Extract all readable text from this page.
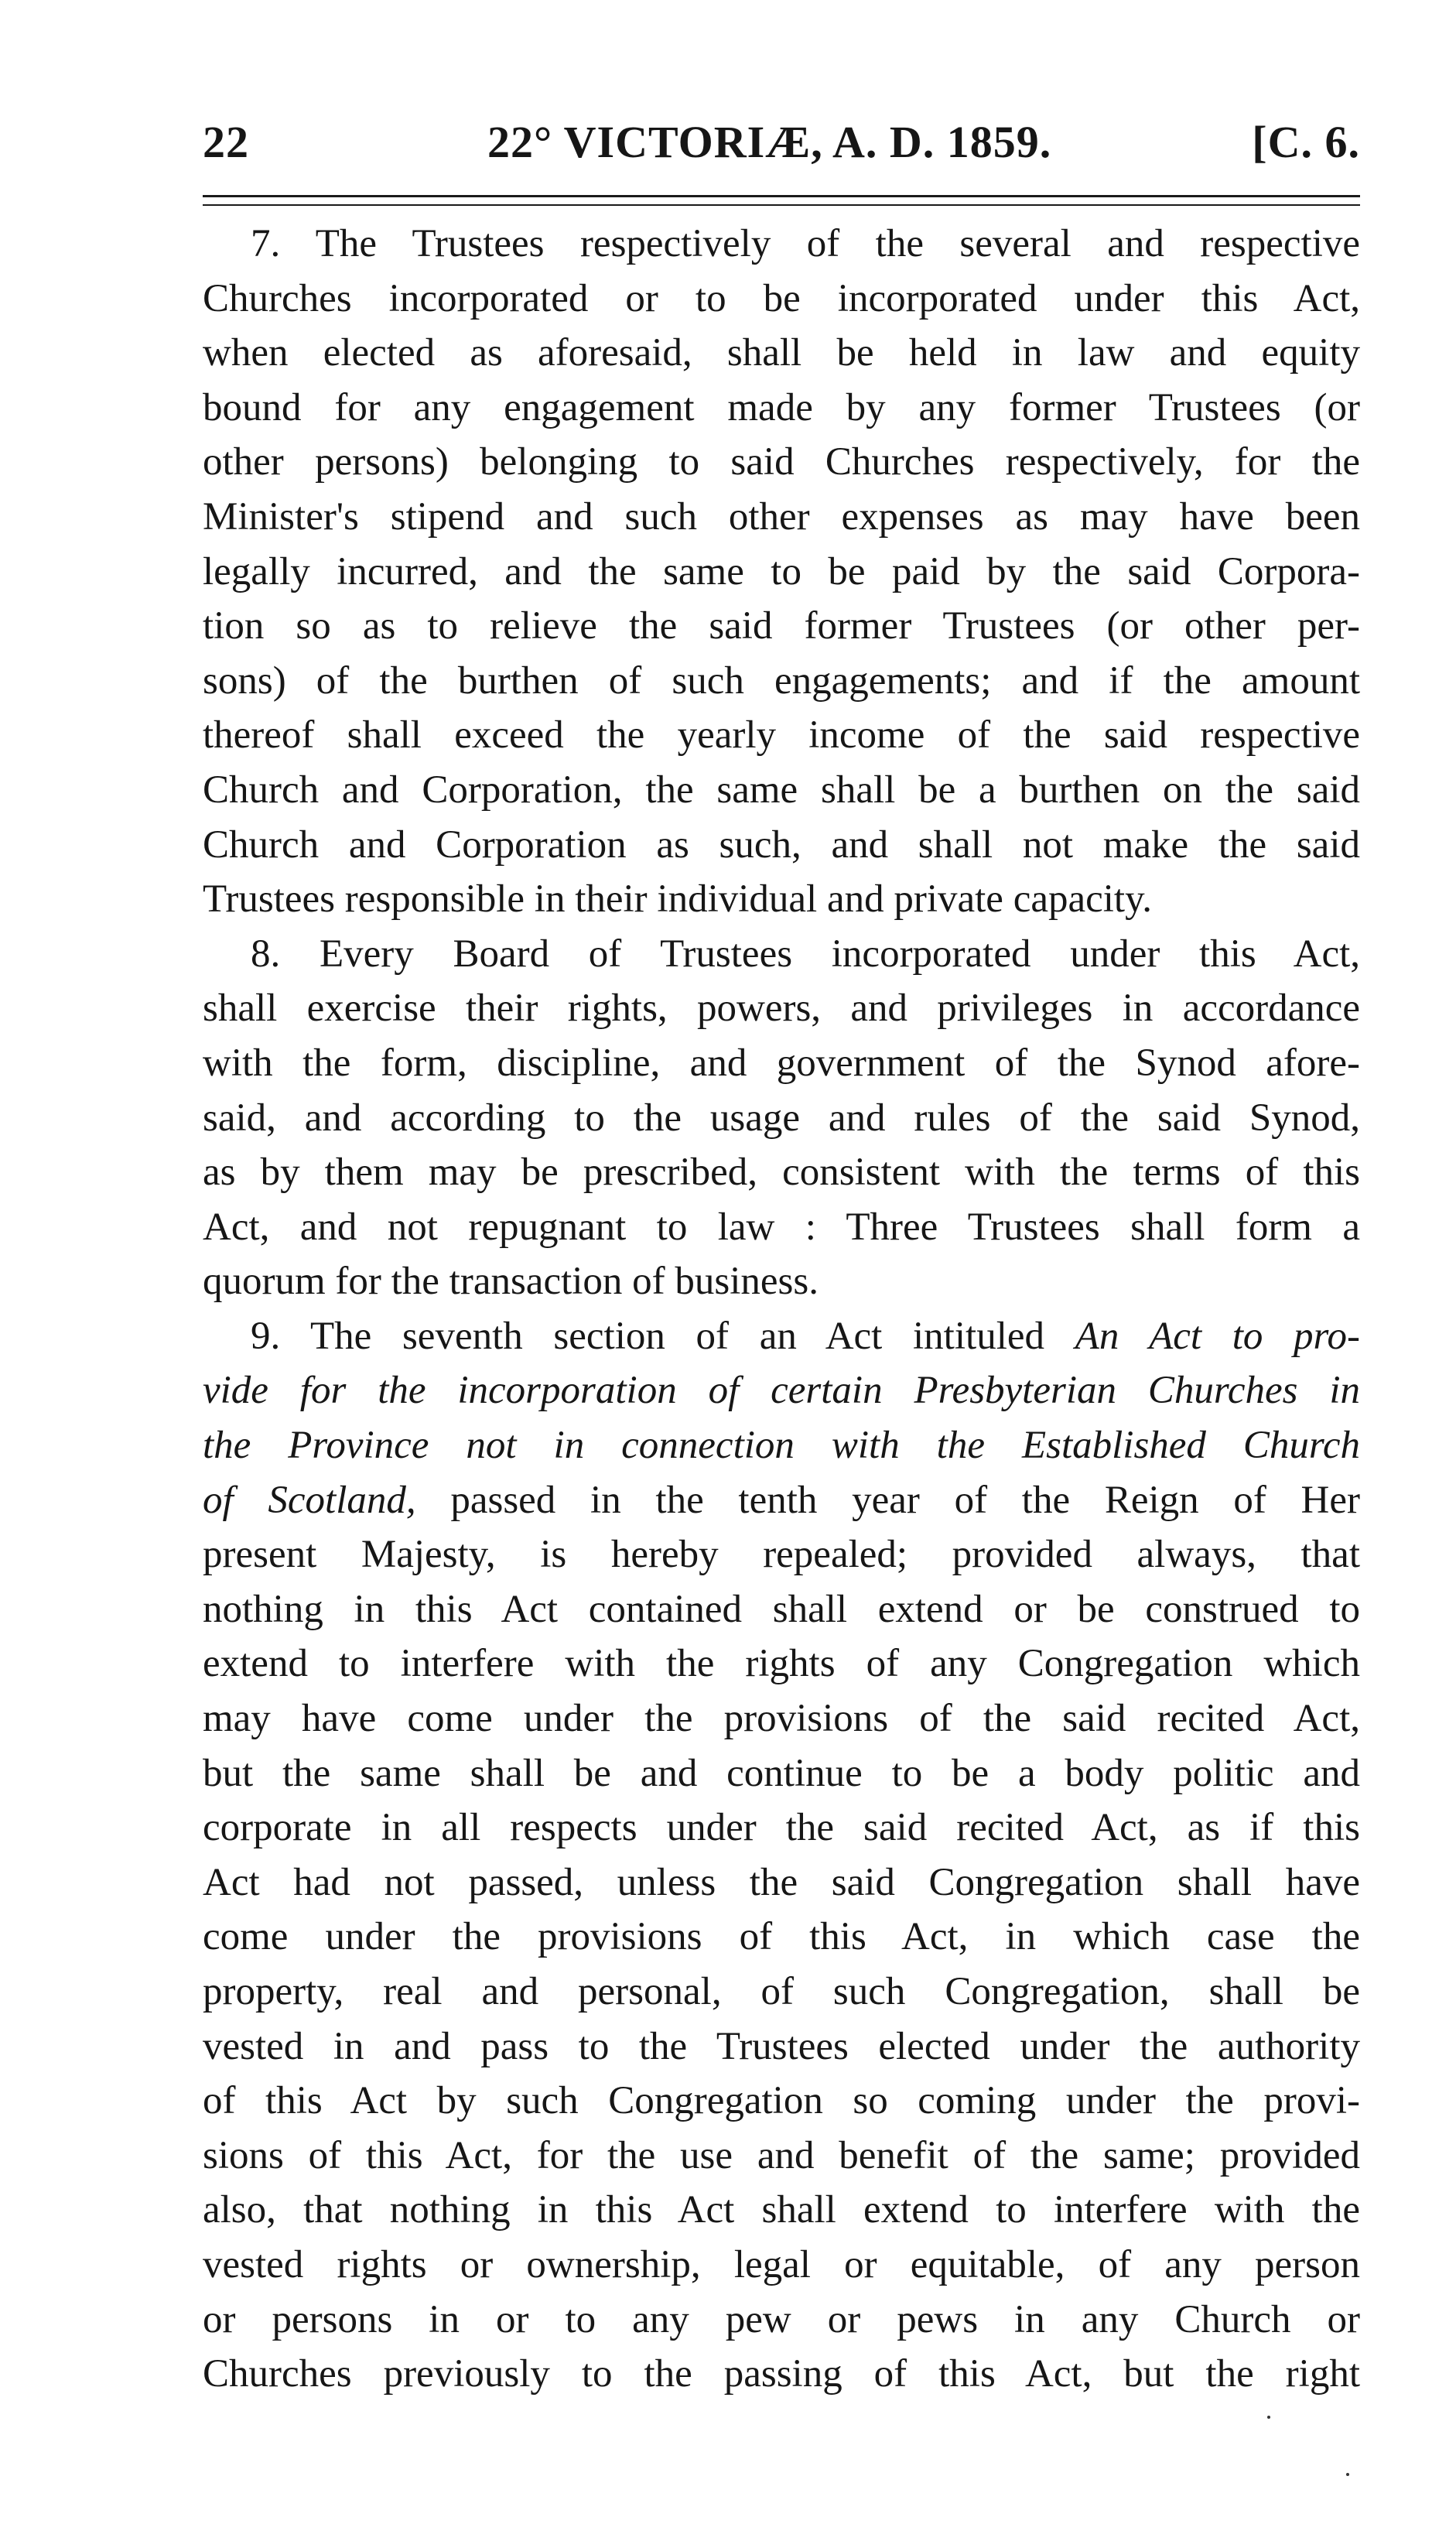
22	22° VICTORIÆ, A. D. 1859.	[C. 6.
7. The Trustees respectively of the several and respective
Churches incorporated or to be incorporated under this Act,
when elected as aforesaid, shall be held in law and equity
bound for any engagement made by any former Trustees (or
other persons) belonging to said Churches respectively, for the
Minister's stipend and such other expenses as may have been
legally incurred, and the same to be paid by the said Corpora-
tion so as to relieve the said former Trustees (or other per-
sons) of the burthen of such engagements; and if the amount
thereof shall exceed the yearly income of the said respective
Church and Corporation, the same shall be a burthen on the said
Church and Corporation as such, and shall not make the said
Trustees responsible in their individual and private capacity.
8. Every Board of Trustees incorporated under this Act,
shall exercise their rights, powers, and privileges in accordance
with the form, discipline, and government of the Synod afore-
said, and according to the usage and rules of the said Synod,
as by them may be prescribed, consistent with the terms of this
Act, and not repugnant to law : Three Trustees shall form a
quorum for the transaction of business.
9. The seventh section of an Act intituled An Act to pro-
vide for the incorporation of certain Presbyterian Churches in
the Province not in connection with the Established Church
of Scotland, passed in the tenth year of the Reign of Her
present Majesty, is hereby repealed; provided always, that
nothing in this Act contained shall extend or be construed to
extend to interfere with the rights of any Congregation which
may have come under the provisions of the said recited Act,
but the same shall be and continue to be a body politic and
corporate in all respects under the said recited Act, as if this
Act had not passed, unless the said Congregation shall have
come under the provisions of this Act, in which case the
property, real and personal, of such Congregation, shall be
vested in and pass to the Trustees elected under the authority
of this Act by such Congregation so coming under the provi-
sions of this Act, for the use and benefit of the same; provided
also, that nothing in this Act shall extend to interfere with the
vested rights or ownership, legal or equitable, of any person
or persons in or to any pew or pews in any Church or
Churches previously to the passing of this Act, but the right
